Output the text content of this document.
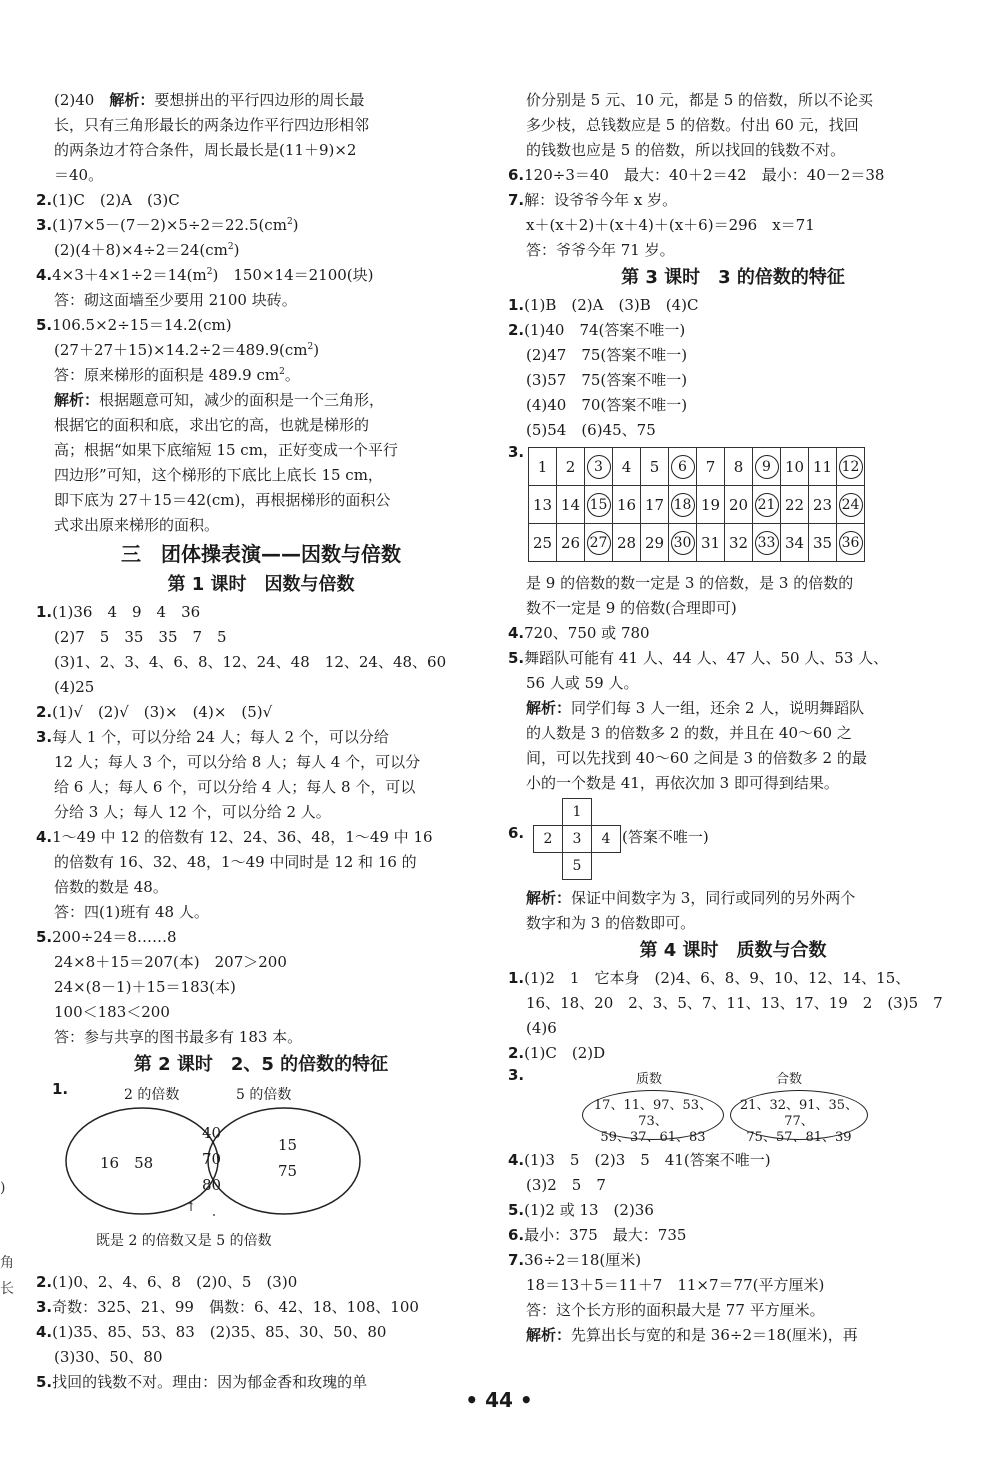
(2)40　 解析：要想拼出的平行四边形的周长最
长，只有三角形最长的两条边作平行四边形相邻
的两条边才符合条件，周长最长是(11＋9)×2
＝40。
2.(1)C　(2)A　(3)C
$3.(1)7\times 5-(7-2)\times 5\div 2=22.5(cm^2)$
$(2)(4+8)\times 4\div 2=24(cm^2)$
$4.4\times 3+4\times 1\div 2=14(m^2)$　150×14＝2100(块)
答：砌这面墙至少要用 2100 块砖。
5.106.5×2÷15＝14.2(cm)
$(27+27+15)\times 14.2\div 2=489.9(cm^2)$
答：原来梯形的面积是 489.9 $cm^2$。
解析：根据题意可知，减少的面积是一个三角形，
根据它的面积和底，求出它的高，也就是梯形的
高；根据“如果下底缩短 15 cm，正好变成一个平行
四边形”可知，这个梯形的下底比上底长 15 cm，
即下底为 27＋15＝42(cm)，再根据梯形的面积公
式求出原来梯形的面积。
三　团体操表演——因数与倍数
第 1 课时　因数与倍数
1.(1)36　4　9　4　36
(2)7　5　35　35　7　5
(3)1、2、3、4、6、8、12、24、48　12、24、48、60
(4)25
2.(1)√　(2)√　(3)×　(4)×　(5)√
3.每人 1 个，可以分给 24 人；每人 2 个，可以分给
12 人；每人 3 个，可以分给 8 人；每人 4 个，可以分
给 6 人；每人 6 个，可以分给 4 人；每人 8 个，可以
分给 3 人；每人 12 个，可以分给 2 人。
4.1～49 中 12 的倍数有 12、24、36、48，1～49 中 16
的倍数有 16、32、48，1～49 中同时是 12 和 16 的
倍数的数是 48。
答：四(1)班有 48 人。
5.200÷24＝8……8
24×8＋15＝207(本)　207＞200
24×(8－1)＋15＝183(本)
100＜183＜200
答：参与共享的图书最多有 183 本。
第 2 课时　2、5 的倍数的特征
1.	2 的倍数	5 的倍数
16　58
40
70
80
15
75
↑
既是 2 的倍数又是 5 的倍数
2.(1)0、2、4、6、8　(2)0、5　(3)0
3.奇数：325、21、99　偶数：6、42、18、108、100
4.(1)35、85、53、83　(2)35、85、30、50、80
(3)30、50、80
5.找回的钱数不对。理由：因为郁金香和玫瑰的单
价分别是 5 元、10 元，都是 5 的倍数，所以不论买
多少枝，总钱数应是 5 的倍数。付出 60 元，找回
的钱数也应是 5 的倍数，所以找回的钱数不对。
6.120÷3＝40　最大：40＋2＝42　最小：40－2＝38
7.解：设爷爷今年 x 岁。
x＋(x＋2)＋(x＋4)＋(x＋6)＝296　x＝71
答：爷爷今年 71 岁。
第 3 课时　3 的倍数的特征
1.(1)B　(2)A　(3)B　(4)C
2.(1)40　74(答案不唯一)
(2)47　75(答案不唯一)
(3)57　75(答案不唯一)
(4)40　70(答案不唯一)
(5)54　(6)45、75
3.
1	2	3	4	5	6	7	8	9	10	11	12
13	14	15	16	17	18	19	20	21	22	23	24
25	26	27	28	29	30	31	32	33	34	35	36
是 9 的倍数的数一定是 3 的倍数，是 3 的倍数的
数不一定是 9 的倍数(合理即可)
4.720、750 或 780
5.舞蹈队可能有 41 人、44 人、47 人、50 人、53 人、
56 人或 59 人。
解析：同学们每 3 人一组，还余 2 人，说明舞蹈队
的人数是 3 的倍数多 2 的数，并且在 40～60 之
间，可以先找到 40～60 之间是 3 的倍数多 2 的最
小的一个数是 41，再依次加 3 即可得到结果。
6.
1
2	3	4
5
(答案不唯一)
解析：保证中间数字为 3，同行或同列的另外两个
数字和为 3 的倍数即可。
第 4 课时　质数与合数
1.(1)2　1　它本身　(2)4、6、8、9、10、12、14、15、
16、18、20　2、3、5、7、11、13、17、19　2　(3)5　7
(4)6
2.(1)C　(2)D
3.	质数	合数
17、11、97、53、73、
59、37、61、83
21、32、91、35、77、
75、57、81、39
4.(1)3　5　(2)3　5　41(答案不唯一)
(3)2　5　7
5.(1)2 或 13　(2)36
6.最小：375　最大：735
7.36÷2＝18(厘米)
18＝13＋5＝11＋7　11×7＝77(平方厘米)
答：这个长方形的面积最大是 77 平方厘米。
解析：先算出长与宽的和是 36÷2＝18(厘米)，再
)
角
长
• 44 •
